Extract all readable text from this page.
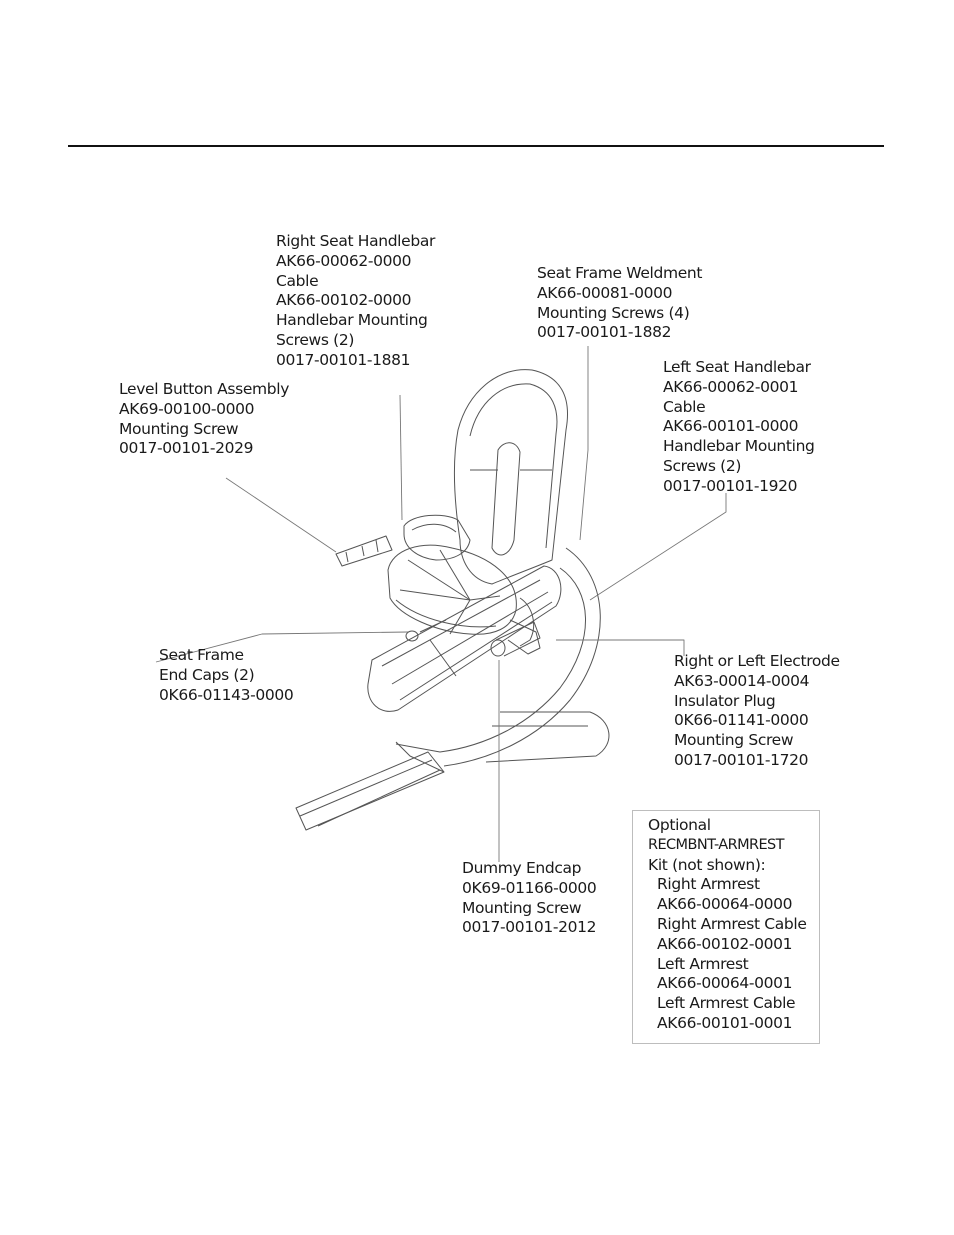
Right Seat Handlebar
AK66-00062-0000
Cable
AK66-00102-0000
Handlebar Mounting
Screws (2)
0017-00101-1881
Seat Frame Weldment
AK66-00081-0000
Mounting Screws (4)
0017-00101-1882
Left Seat Handlebar
AK66-00062-0001
Cable
AK66-00101-0000
Handlebar Mounting
Screws (2)
0017-00101-1920
Level Button Assembly
AK69-00100-0000
Mounting Screw
0017-00101-2029
Seat Frame
End Caps (2)
0K66-01143-0000
Right or Left Electrode
AK63-00014-0004
Insulator Plug
0K66-01141-0000
Mounting Screw
0017-00101-1720
Dummy Endcap
0K69-01166-0000
Mounting Screw
0017-00101-2012
Optional
RECMBNT-ARMREST
Kit (not shown):
Right Armrest
AK66-00064-0000
Right Armrest Cable
AK66-00102-0001
Left Armrest
AK66-00064-0001
Left Armrest Cable
AK66-00101-0001
